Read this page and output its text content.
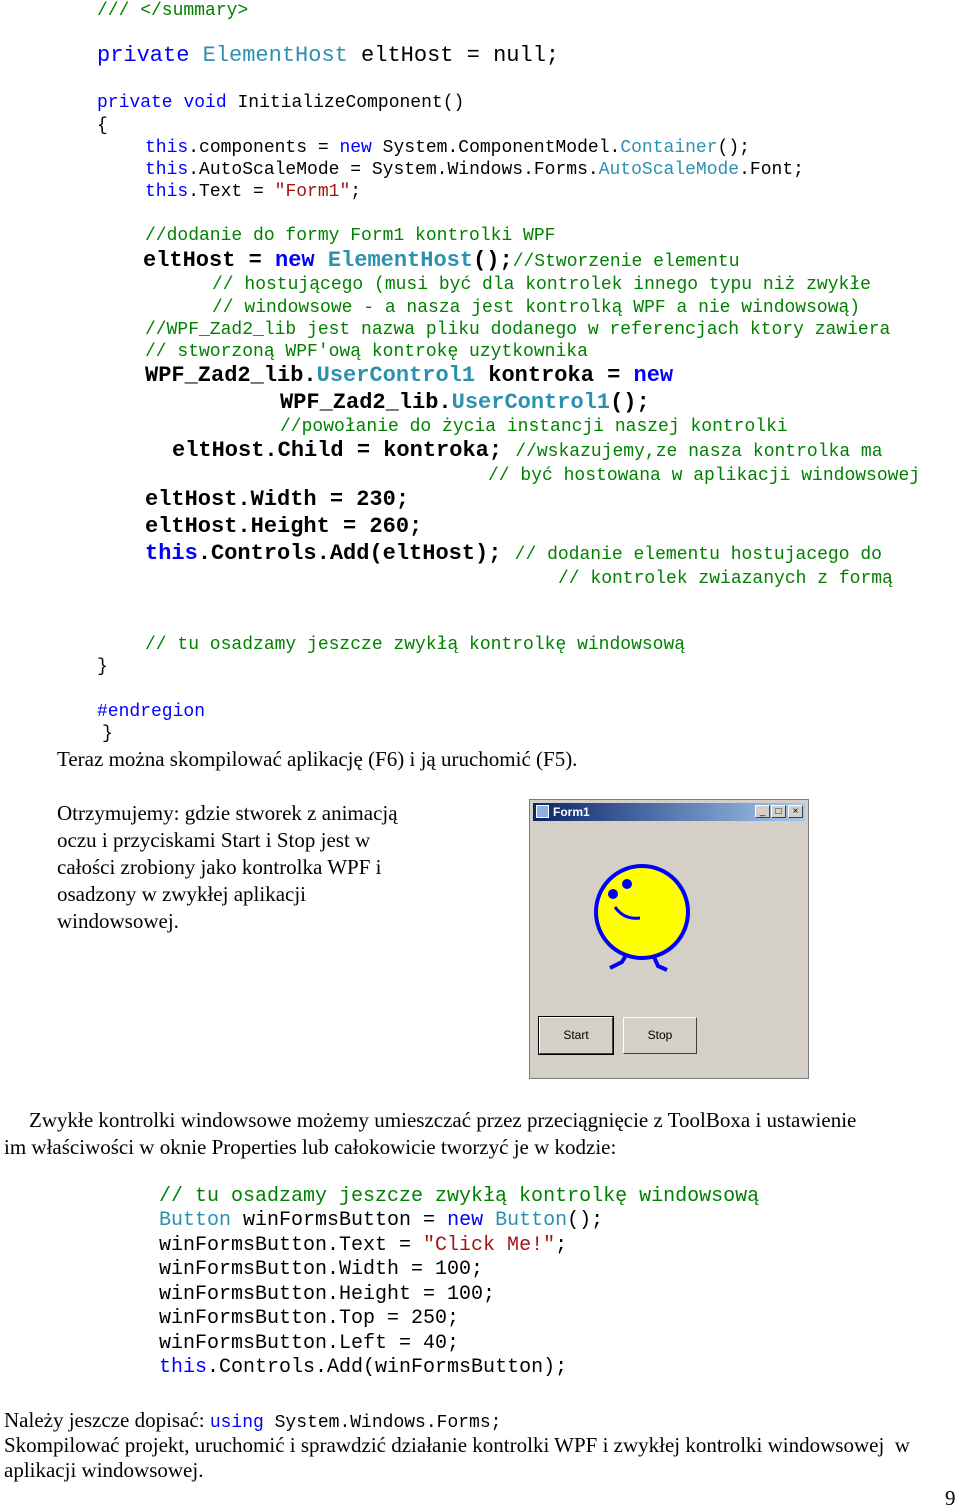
/// </summary>
private ElementHost eltHost = null;
private void InitializeComponent()
{
this.components = new System.ComponentModel.Container();
this.AutoScaleMode = System.Windows.Forms.AutoScaleMode.Font;
this.Text = "Form1";
//dodanie do formy Form1 kontrolki WPF
eltHost = new ElementHost();//Stworzenie elementu
// hostującego (musi być dla kontrolek innego typu niż zwykłe
// windowsowe - a nasza jest kontrolką WPF a nie windowsową)
//WPF_Zad2_lib jest nazwa pliku dodanego w referencjach ktory zawiera
// stworzoną WPF'ową kontrokę uzytkownika
WPF_Zad2_lib.UserControl1 kontroka = new
WPF_Zad2_lib.UserControl1();
//powołanie do życia instancji naszej kontrolki
eltHost.Child = kontroka; //wskazujemy,ze nasza kontrolka ma
// być hostowana w aplikacji windowsowej
eltHost.Width = 230;
eltHost.Height = 260;
this.Controls.Add(eltHost); // dodanie elementu hostujacego do
// kontrolek zwiazanych z formą
// tu osadzamy jeszcze zwykłą kontrolkę windowsową
}
#endregion
}
Teraz można skompilować aplikację (F6) i ją uruchomić (F5).
Otrzymujemy: gdzie stworek z animacją
oczu i przyciskami Start i Stop jest w
całości zrobiony jako kontrolka WPF i
osadzony w zwykłej aplikacji
windowsowej.
Form1	_	□	×
Start	Stop
Zwykłe kontrolki windowsowe możemy umieszczać przez przeciągnięcie z ToolBoxa i ustawienie
im właściwości w oknie Properties lub całokowicie tworzyć je w kodzie:
// tu osadzamy jeszcze zwykłą kontrolkę windowsową
Button winFormsButton = new Button();
winFormsButton.Text = "Click Me!";
winFormsButton.Width = 100;
winFormsButton.Height = 100;
winFormsButton.Top = 250;
winFormsButton.Left = 40;
this.Controls.Add(winFormsButton);
Należy jeszcze dopisać: using System.Windows.Forms;
Skompilować projekt, uruchomić i sprawdzić działanie kontrolki WPF i zwykłej kontrolki windowsowej  w
aplikacji windowsowej.
9
